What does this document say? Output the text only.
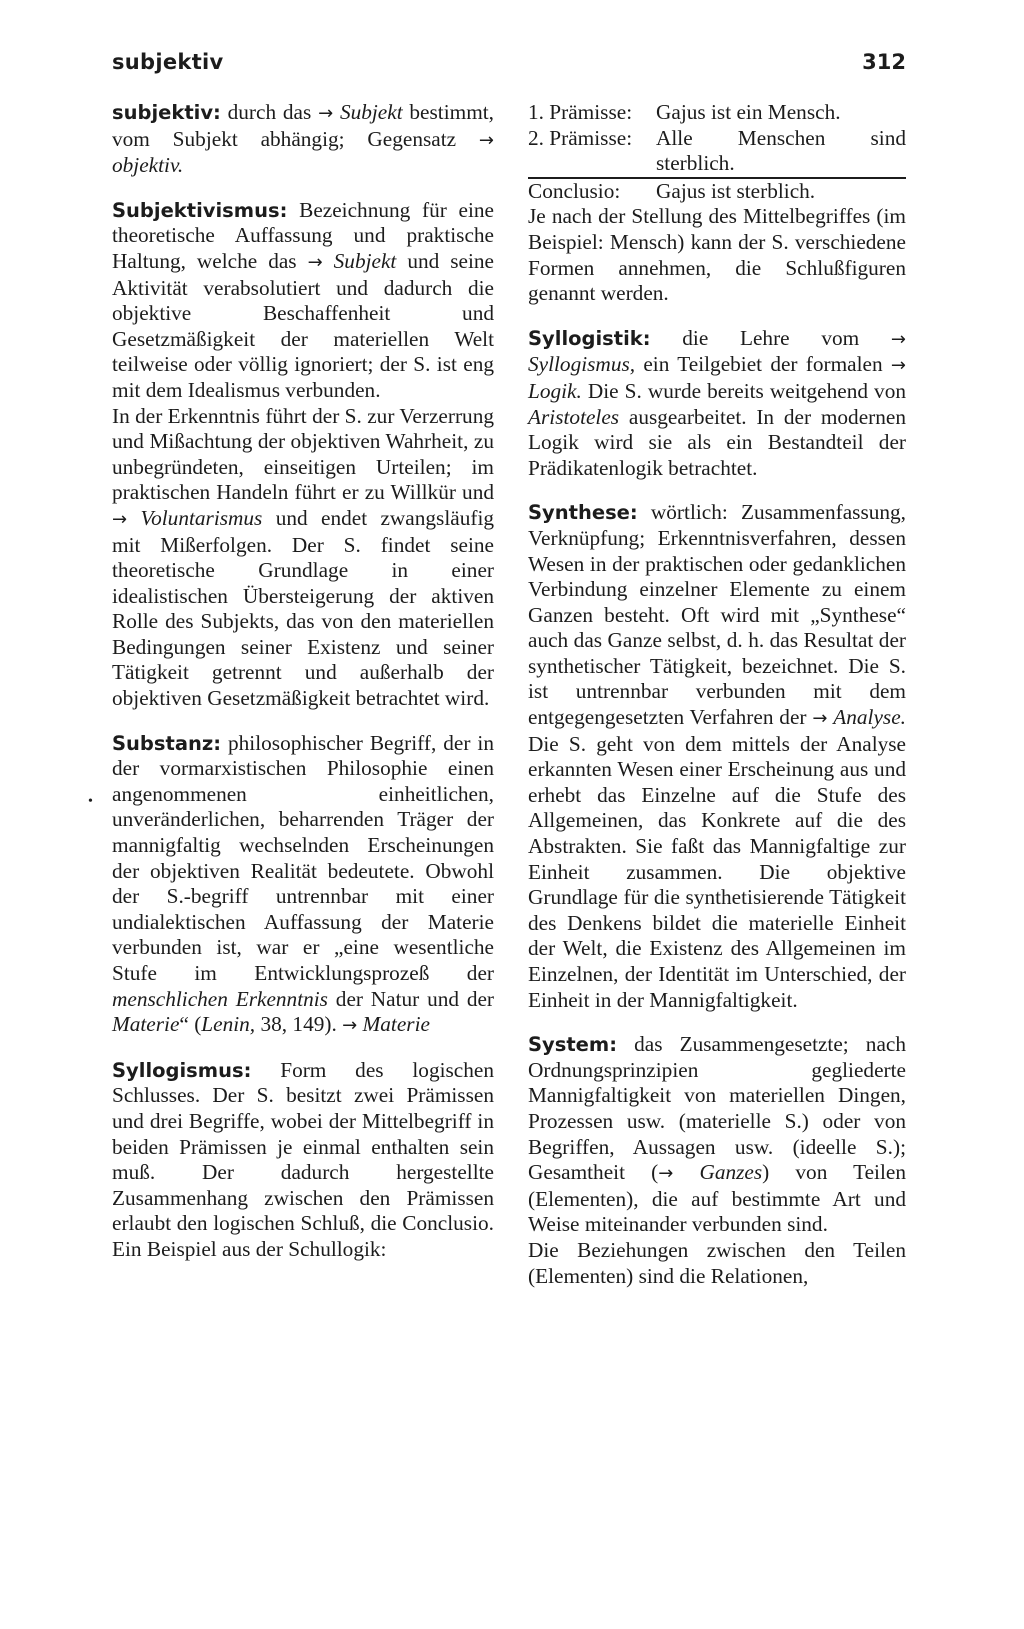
subjektiv	312
•
subjektiv: durch das → Subjekt bestimmt, vom Subjekt abhängig; Gegensatz → objektiv.

Subjektivismus: Bezeichnung für eine theoretische Auffassung und praktische Haltung, welche das → Subjekt und seine Aktivität verabsolutiert und dadurch die objektive Beschaffenheit und Gesetzmäßigkeit der materiellen Welt teilweise oder völlig ignoriert; der S. ist eng mit dem Idealismus verbunden.

In der Erkenntnis führt der S. zur Verzerrung und Mißachtung der objektiven Wahrheit, zu unbegründeten, einseitigen Urteilen; im praktischen Handeln führt er zu Willkür und → Voluntarismus und endet zwangsläufig mit Mißerfolgen. Der S. findet seine theoretische Grundlage in einer idealistischen Übersteigerung der aktiven Rolle des Subjekts, das von den materiellen Bedingungen seiner Existenz und seiner Tätigkeit getrennt und außerhalb der objektiven Gesetzmäßigkeit betrachtet wird.

Substanz: philosophischer Begriff, der in der vormarxistischen Philosophie einen angenommenen einheitlichen, unveränderlichen, beharrenden Träger der mannigfaltig wechselnden Erscheinungen der objektiven Realität bedeutete. Obwohl der S.-begriff untrennbar mit einer undialektischen Auffassung der Materie verbunden ist, war er „eine wesentliche Stufe im Entwicklungsprozeß der menschlichen Erkenntnis der Natur und der Materie“ (Lenin, 38, 149). → Materie
Syllogismus: Form des logischen Schlusses. Der S. besitzt zwei Prämissen und drei Begriffe, wobei der Mittelbegriff in beiden Prämissen je einmal enthalten sein muß. Der dadurch hergestellte Zusammenhang zwischen den Prämissen erlaubt den logischen Schluß, die Conclusio. Ein Beispiel aus der Schullogik:
1. Prämisse:	Gajus ist ein Mensch.
2. Prämisse:	Alle Menschen sind sterblich.
Conclusio:	Gajus ist sterblich.

Je nach der Stellung des Mittelbegriffes (im Beispiel: Mensch) kann der S. verschiedene Formen annehmen, die Schlußfiguren genannt werden.

Syllogistik: die Lehre vom → Syllogismus, ein Teilgebiet der formalen → Logik. Die S. wurde bereits weitgehend von Aristoteles ausgearbeitet. In der modernen Logik wird sie als ein Bestandteil der Prädikatenlogik betrachtet.
Synthese: wörtlich: Zusammenfassung, Verknüpfung; Erkenntnisverfahren, dessen Wesen in der praktischen oder gedanklichen Verbindung einzelner Elemente zu einem Ganzen besteht. Oft wird mit „Synthese“ auch das Ganze selbst, d. h. das Resultat der synthetischer Tätigkeit, bezeichnet. Die S. ist untrennbar verbunden mit dem entgegengesetzten Verfahren der → Analyse. Die S. geht von dem mittels der Analyse erkannten Wesen einer Erscheinung aus und erhebt das Einzelne auf die Stufe des Allgemeinen, das Konkrete auf die des Abstrakten. Sie faßt das Mannigfaltige zur Einheit zusammen. Die objektive Grundlage für die synthetisierende Tätigkeit des Denkens bildet die materielle Einheit der Welt, die Existenz des Allgemeinen im Einzelnen, der Identität im Unterschied, der Einheit in der Mannigfaltigkeit.

System: das Zusammengesetzte; nach Ordnungsprinzipien gegliederte Mannigfaltigkeit von materiellen Dingen, Prozessen usw. (materielle S.) oder von Begriffen, Aussagen usw. (ideelle S.); Gesamtheit (→ Ganzes) von Teilen (Elementen), die auf bestimmte Art und Weise miteinander verbunden sind.

Die Beziehungen zwischen den Teilen (Elementen) sind die Relationen,
